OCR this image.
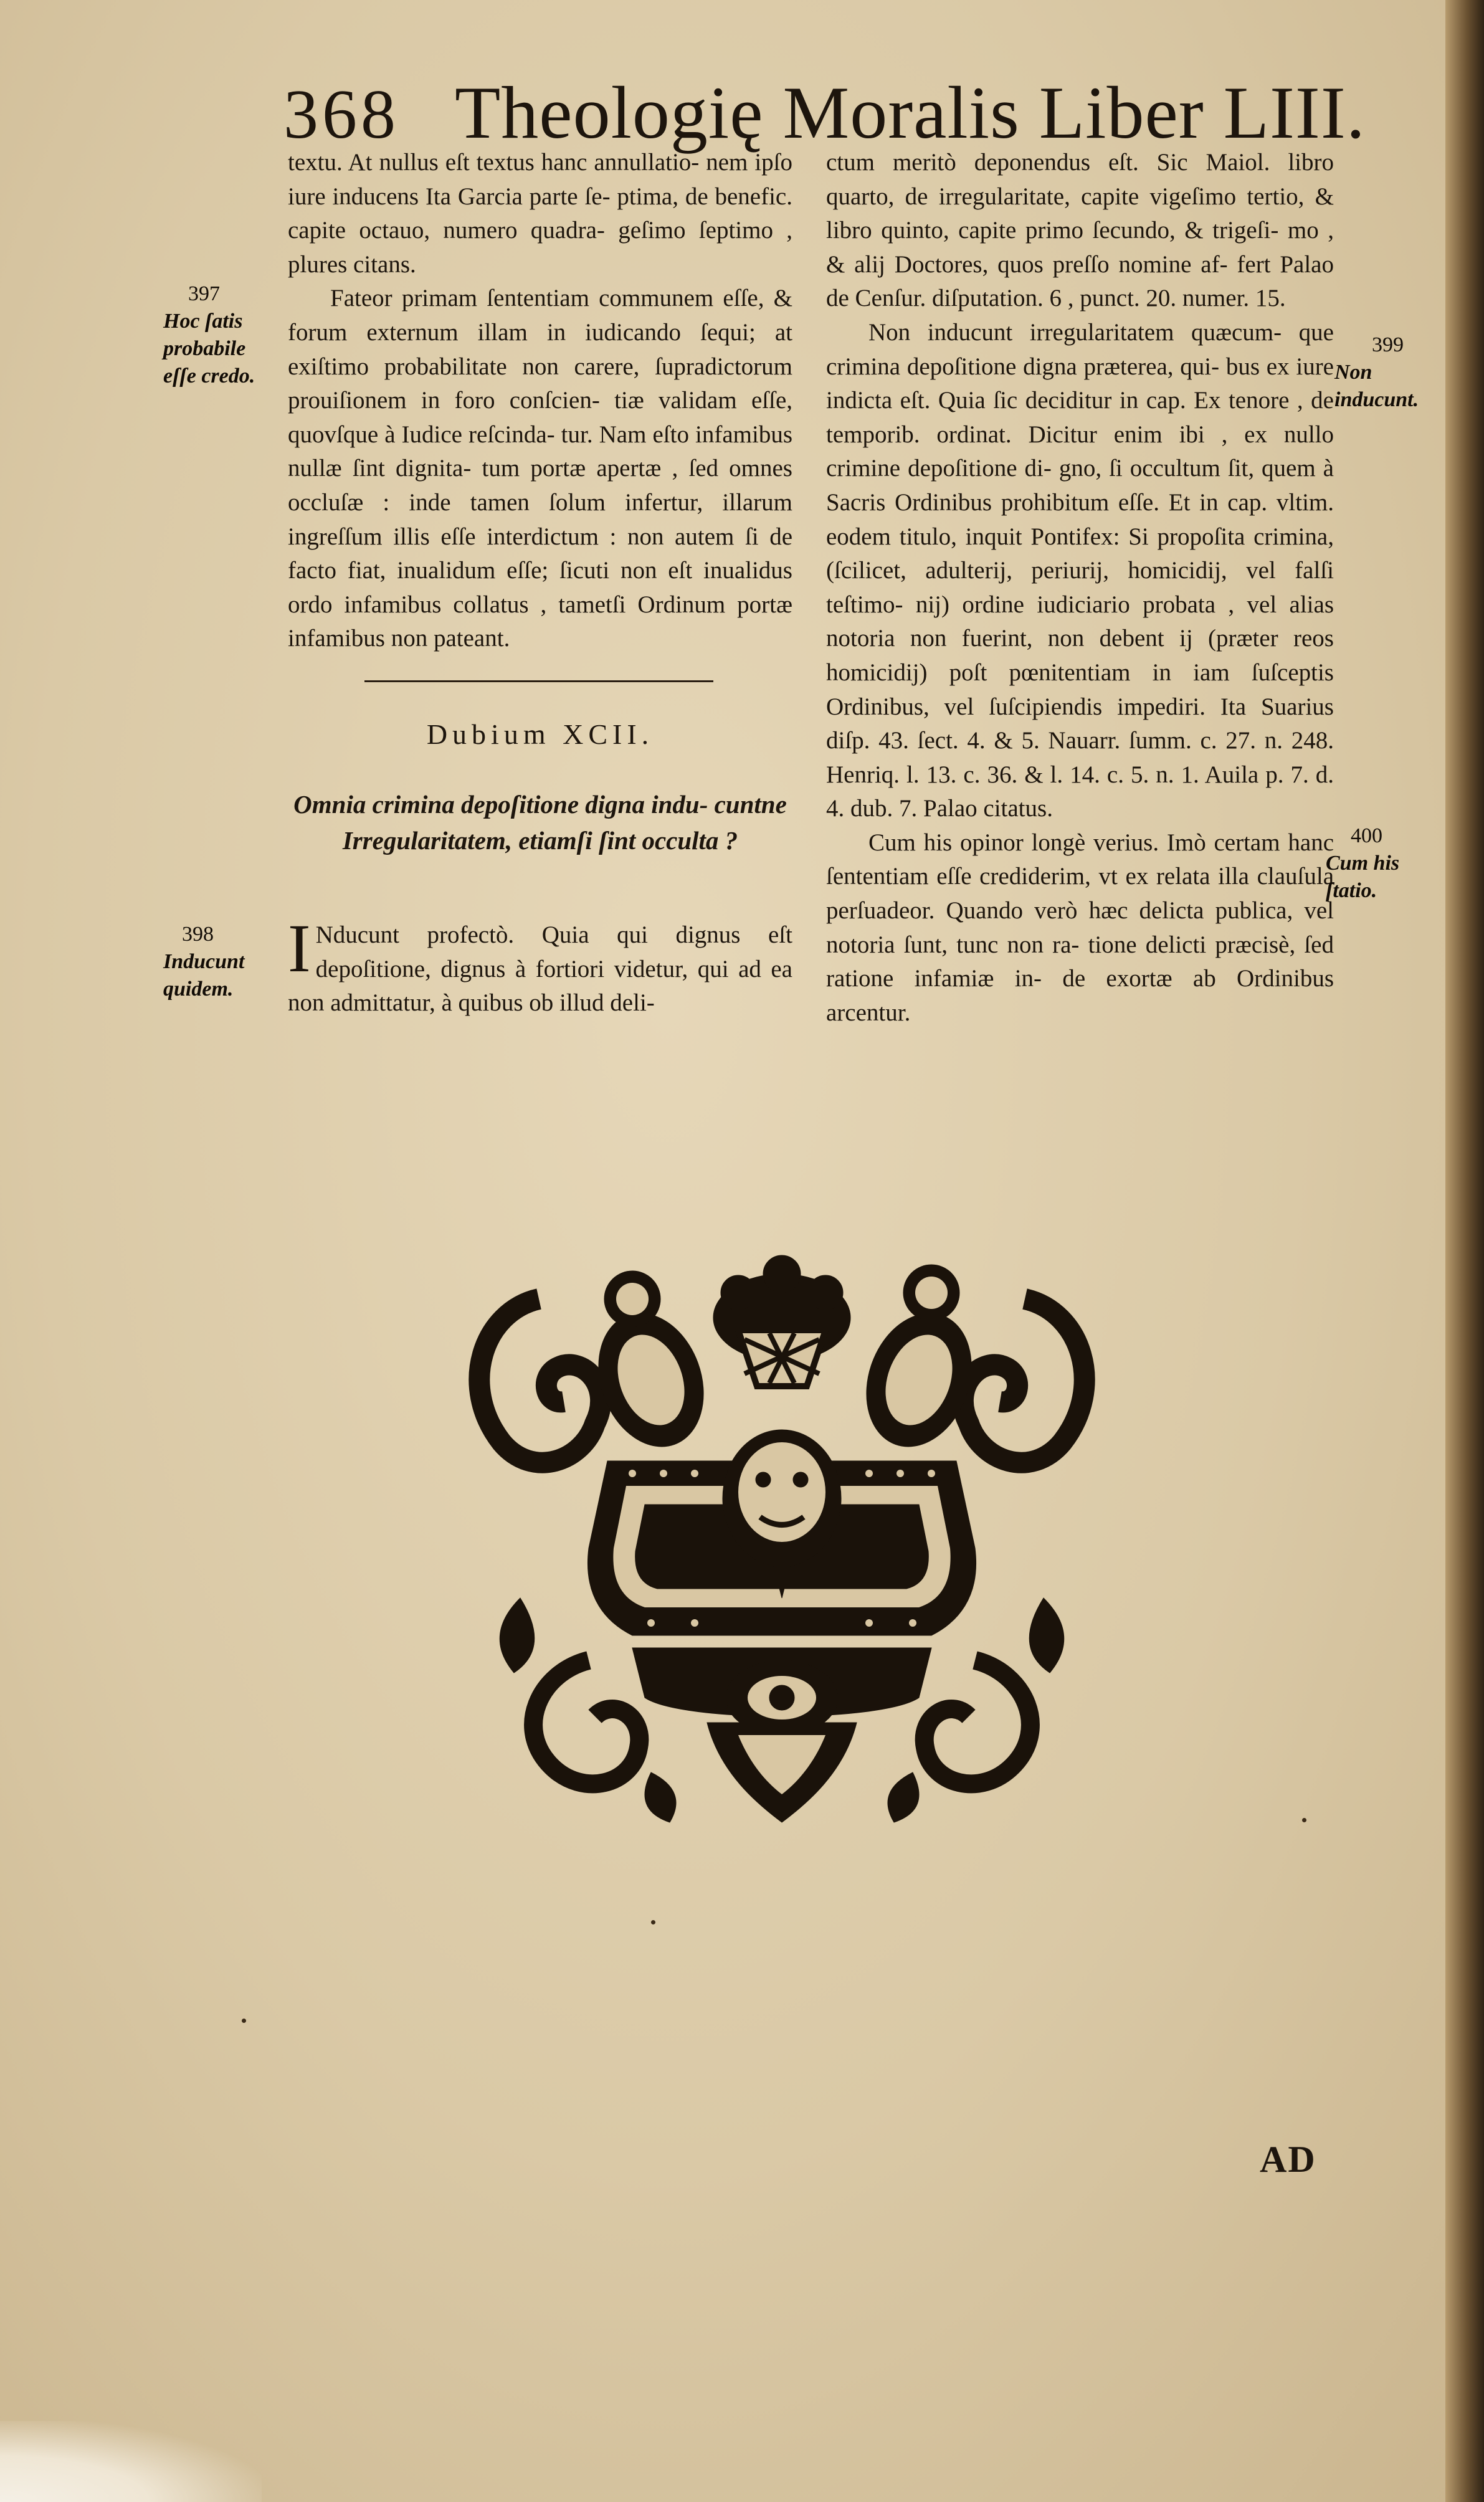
368 Theologię Moralis Liber LIII.

textu. At nullus eſt textus hanc annullatio- nem ipſo iure inducens Ita Garcia parte ſe- ptima, de benefic. capite octauo, numero quadra- geſimo ſeptimo , plures citans.

Fateor primam ſententiam communem eſſe, & forum externum illam in iudicando ſequi; at exiſtimo probabilitate non carere, ſupradictorum prouiſionem in foro conſcien- tiæ validam eſſe, quovſque à Iudice reſcinda- tur. Nam eſto infamibus nullæ ſint dignita- tum portæ apertæ , ſed omnes occluſæ : inde tamen ſolum infertur, illarum ingreſſum illis eſſe interdictum : non autem ſi de facto fiat, inualidum eſſe; ſicuti non eſt inualidus ordo infamibus collatus , tametſi Ordinum portæ infamibus non pateant.

ctum meritò deponendus eſt. Sic Maiol. libro quarto, de irregularitate, capite vigeſimo tertio, & libro quinto, capite primo ſecundo, & trigeſi- mo , & alij Doctores, quos preſſo nomine af- fert Palao de Cenſur. diſputation. 6 , punct. 20. numer. 15.

Non inducunt irregularitatem quæcum- que crimina depoſitione digna præterea, qui- bus ex iure indicta eſt. Quia ſic deciditur in cap. Ex tenore , de temporib. ordinat. Dicitur enim ibi , ex nullo crimine depoſitione di- gno, ſi occultum ſit, quem à Sacris Ordinibus prohibitum eſſe. Et in cap. vltim. eodem titulo, inquit Pontifex: Si propoſita crimina, (ſcilicet, adulterij, periurij, homicidij, vel falſi teſtimo- nij) ordine iudiciario probata , vel alias notoria non fuerint, non debent ij (præter reos homicidij) poſt pœnitentiam in iam ſuſceptis Ordinibus, vel ſuſcipiendis impediri. Ita Suarius diſp. 43. ſect. 4. & 5. Nauarr. ſumm. c. 27. n. 248. Henriq. l. 13. c. 36. & l. 14. c. 5. n. 1. Auila p. 7. d. 4. dub. 7. Palao citatus.

Cum his opinor longè verius. Imò certam hanc ſententiam eſſe crediderim, vt ex relata illa clauſula perſuadeor. Quando verò hæc delicta publica, vel notoria ſunt, tunc non ra- tione delicti præcisè, ſed ratione infamiæ in- de exortæ ab Ordinibus arcentur.

397
Hoc ſatis probabile eſſe credo.
398
Inducunt quidem.
399
Non inducunt.
400
Cum his ſtatio.
Dubium XCII.
Omnia crimina depoſitione digna indu- cuntne Irregularitatem, etiamſi ſint occulta ?

I Nducunt profectò. Quia qui dignus eſt depoſitione, dignus à fortiori videtur, qui ad ea non admittatur, à quibus ob illud deli-

AD
